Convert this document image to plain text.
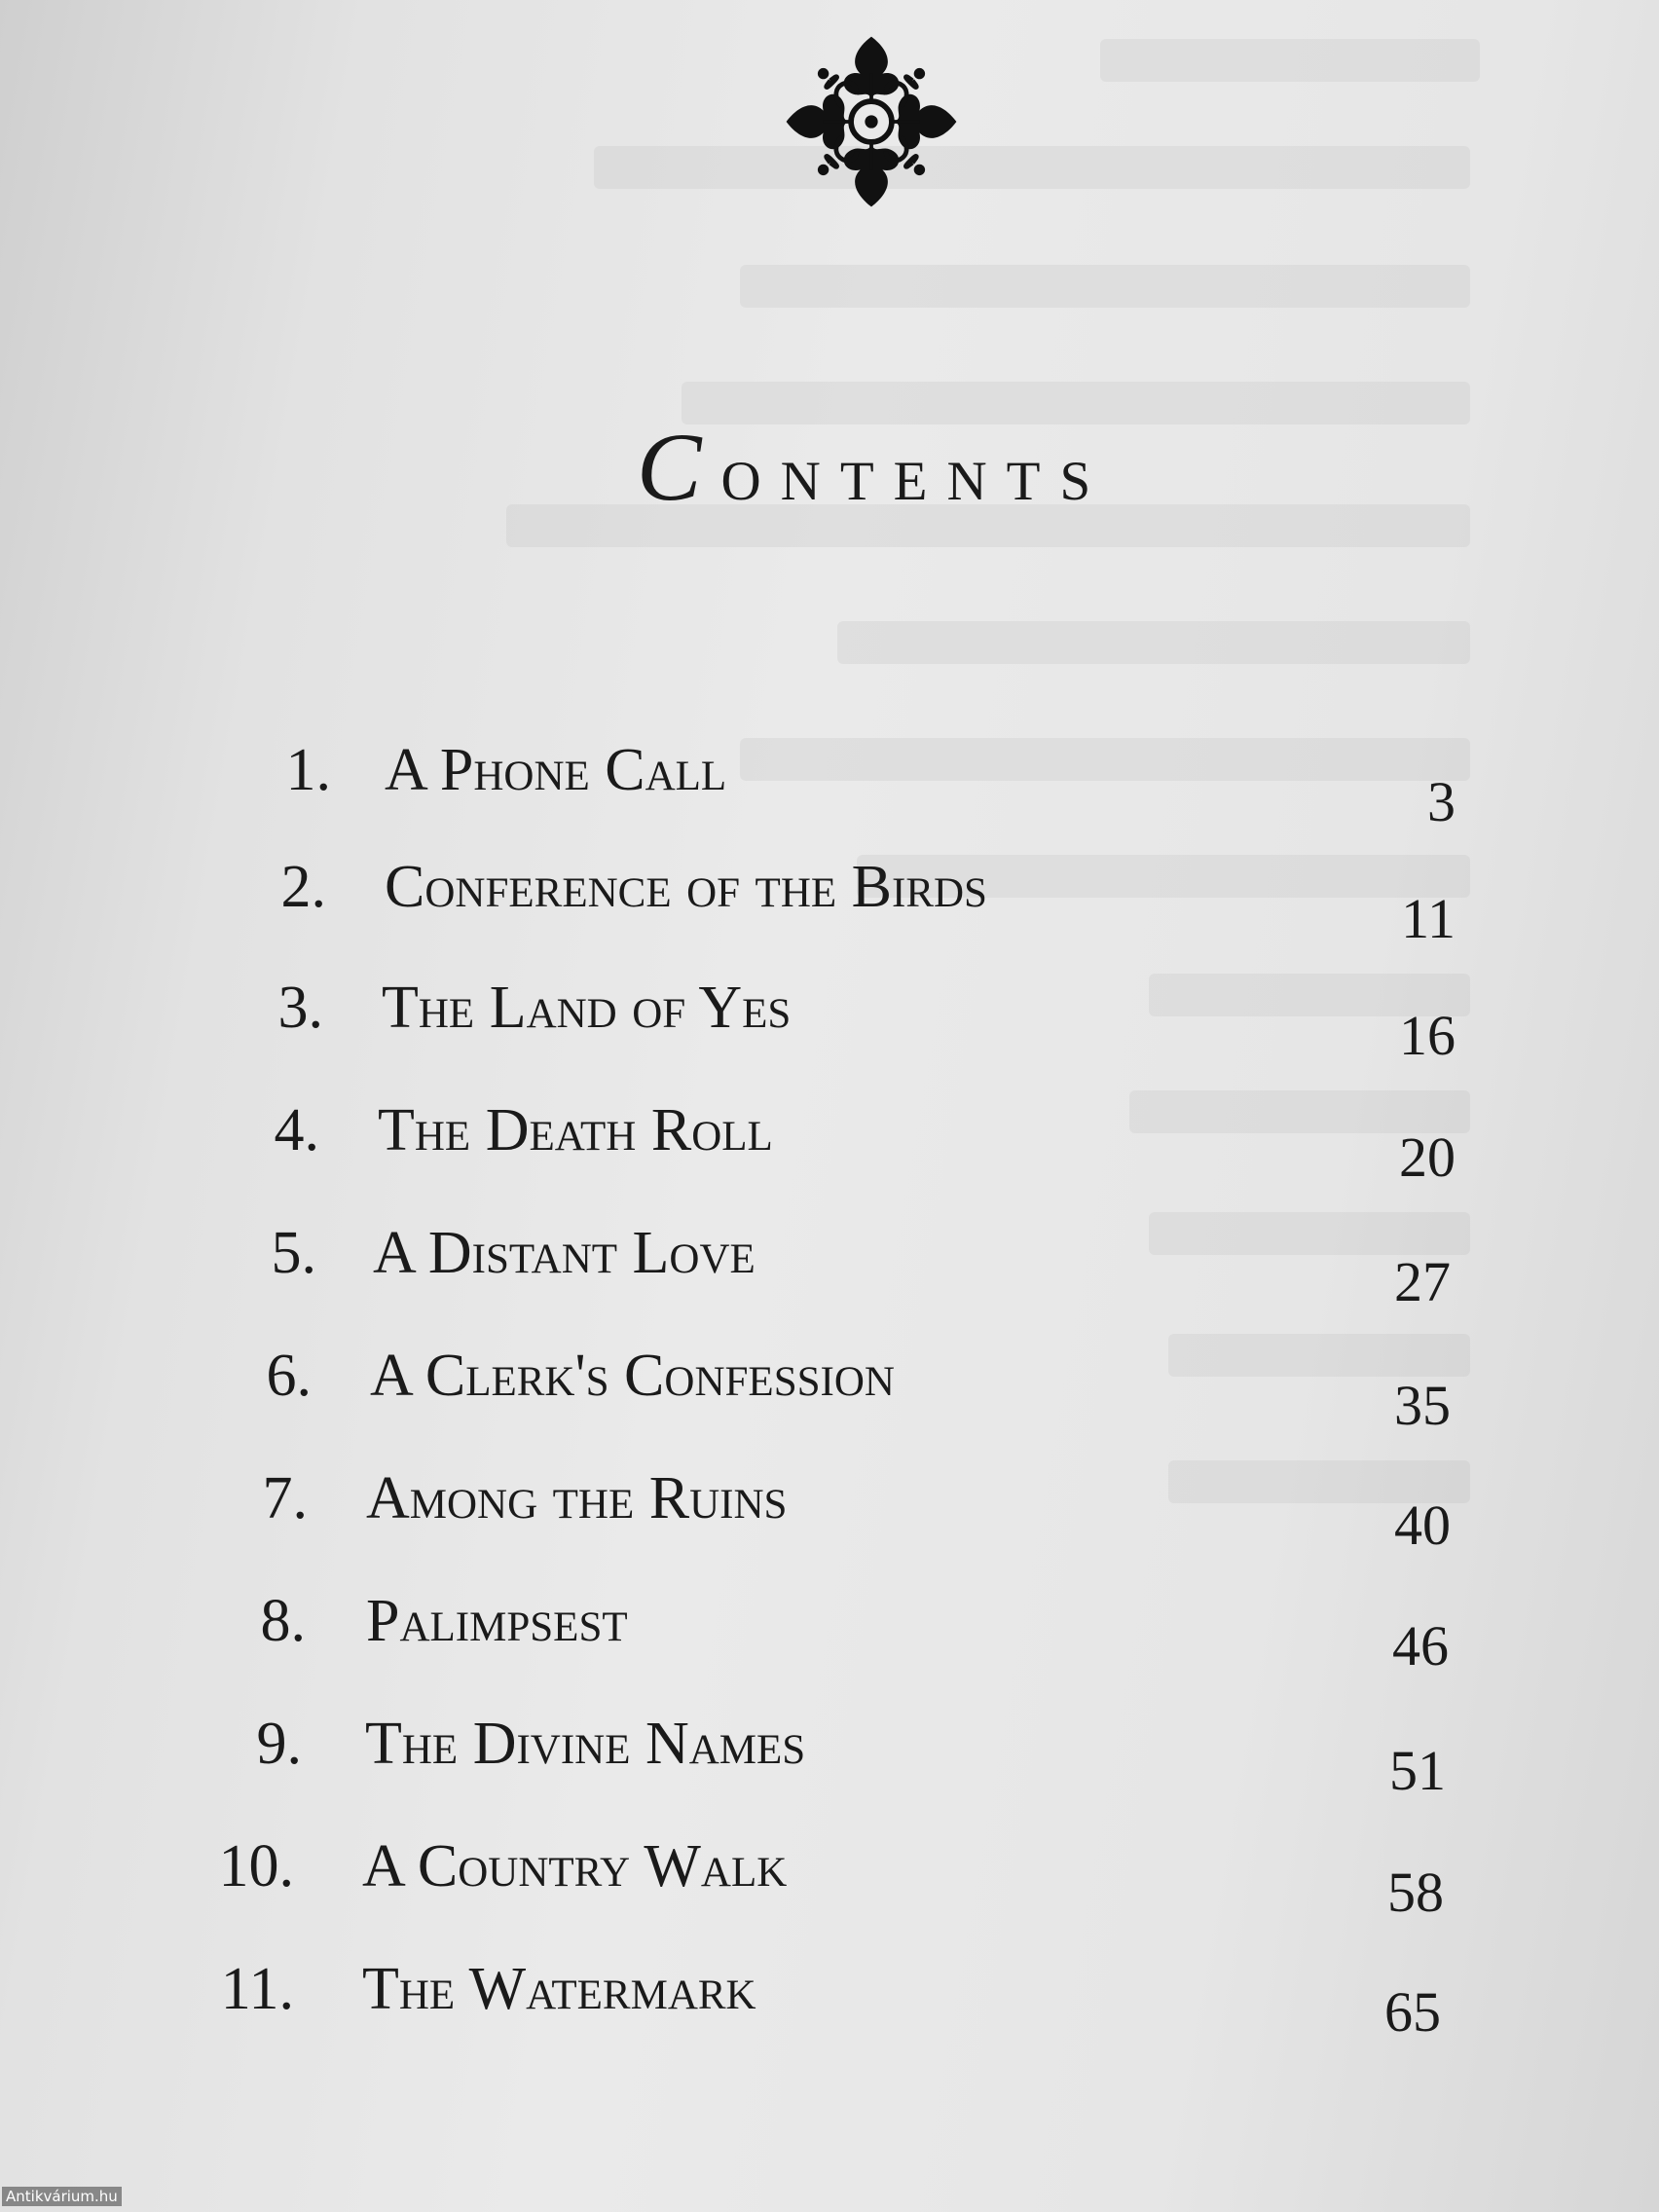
Contents
1. A Phone Call	3
2. Conference of the Birds	11
3. The Land of Yes	16
4. The Death Roll	20
5. A Distant Love	27
6. A Clerk's Confession	35
7. Among the Ruins	40
8. Palimpsest	46
9. The Divine Names	51
10. A Country Walk	58
11. The Watermark	65
Antikvárium.hu
